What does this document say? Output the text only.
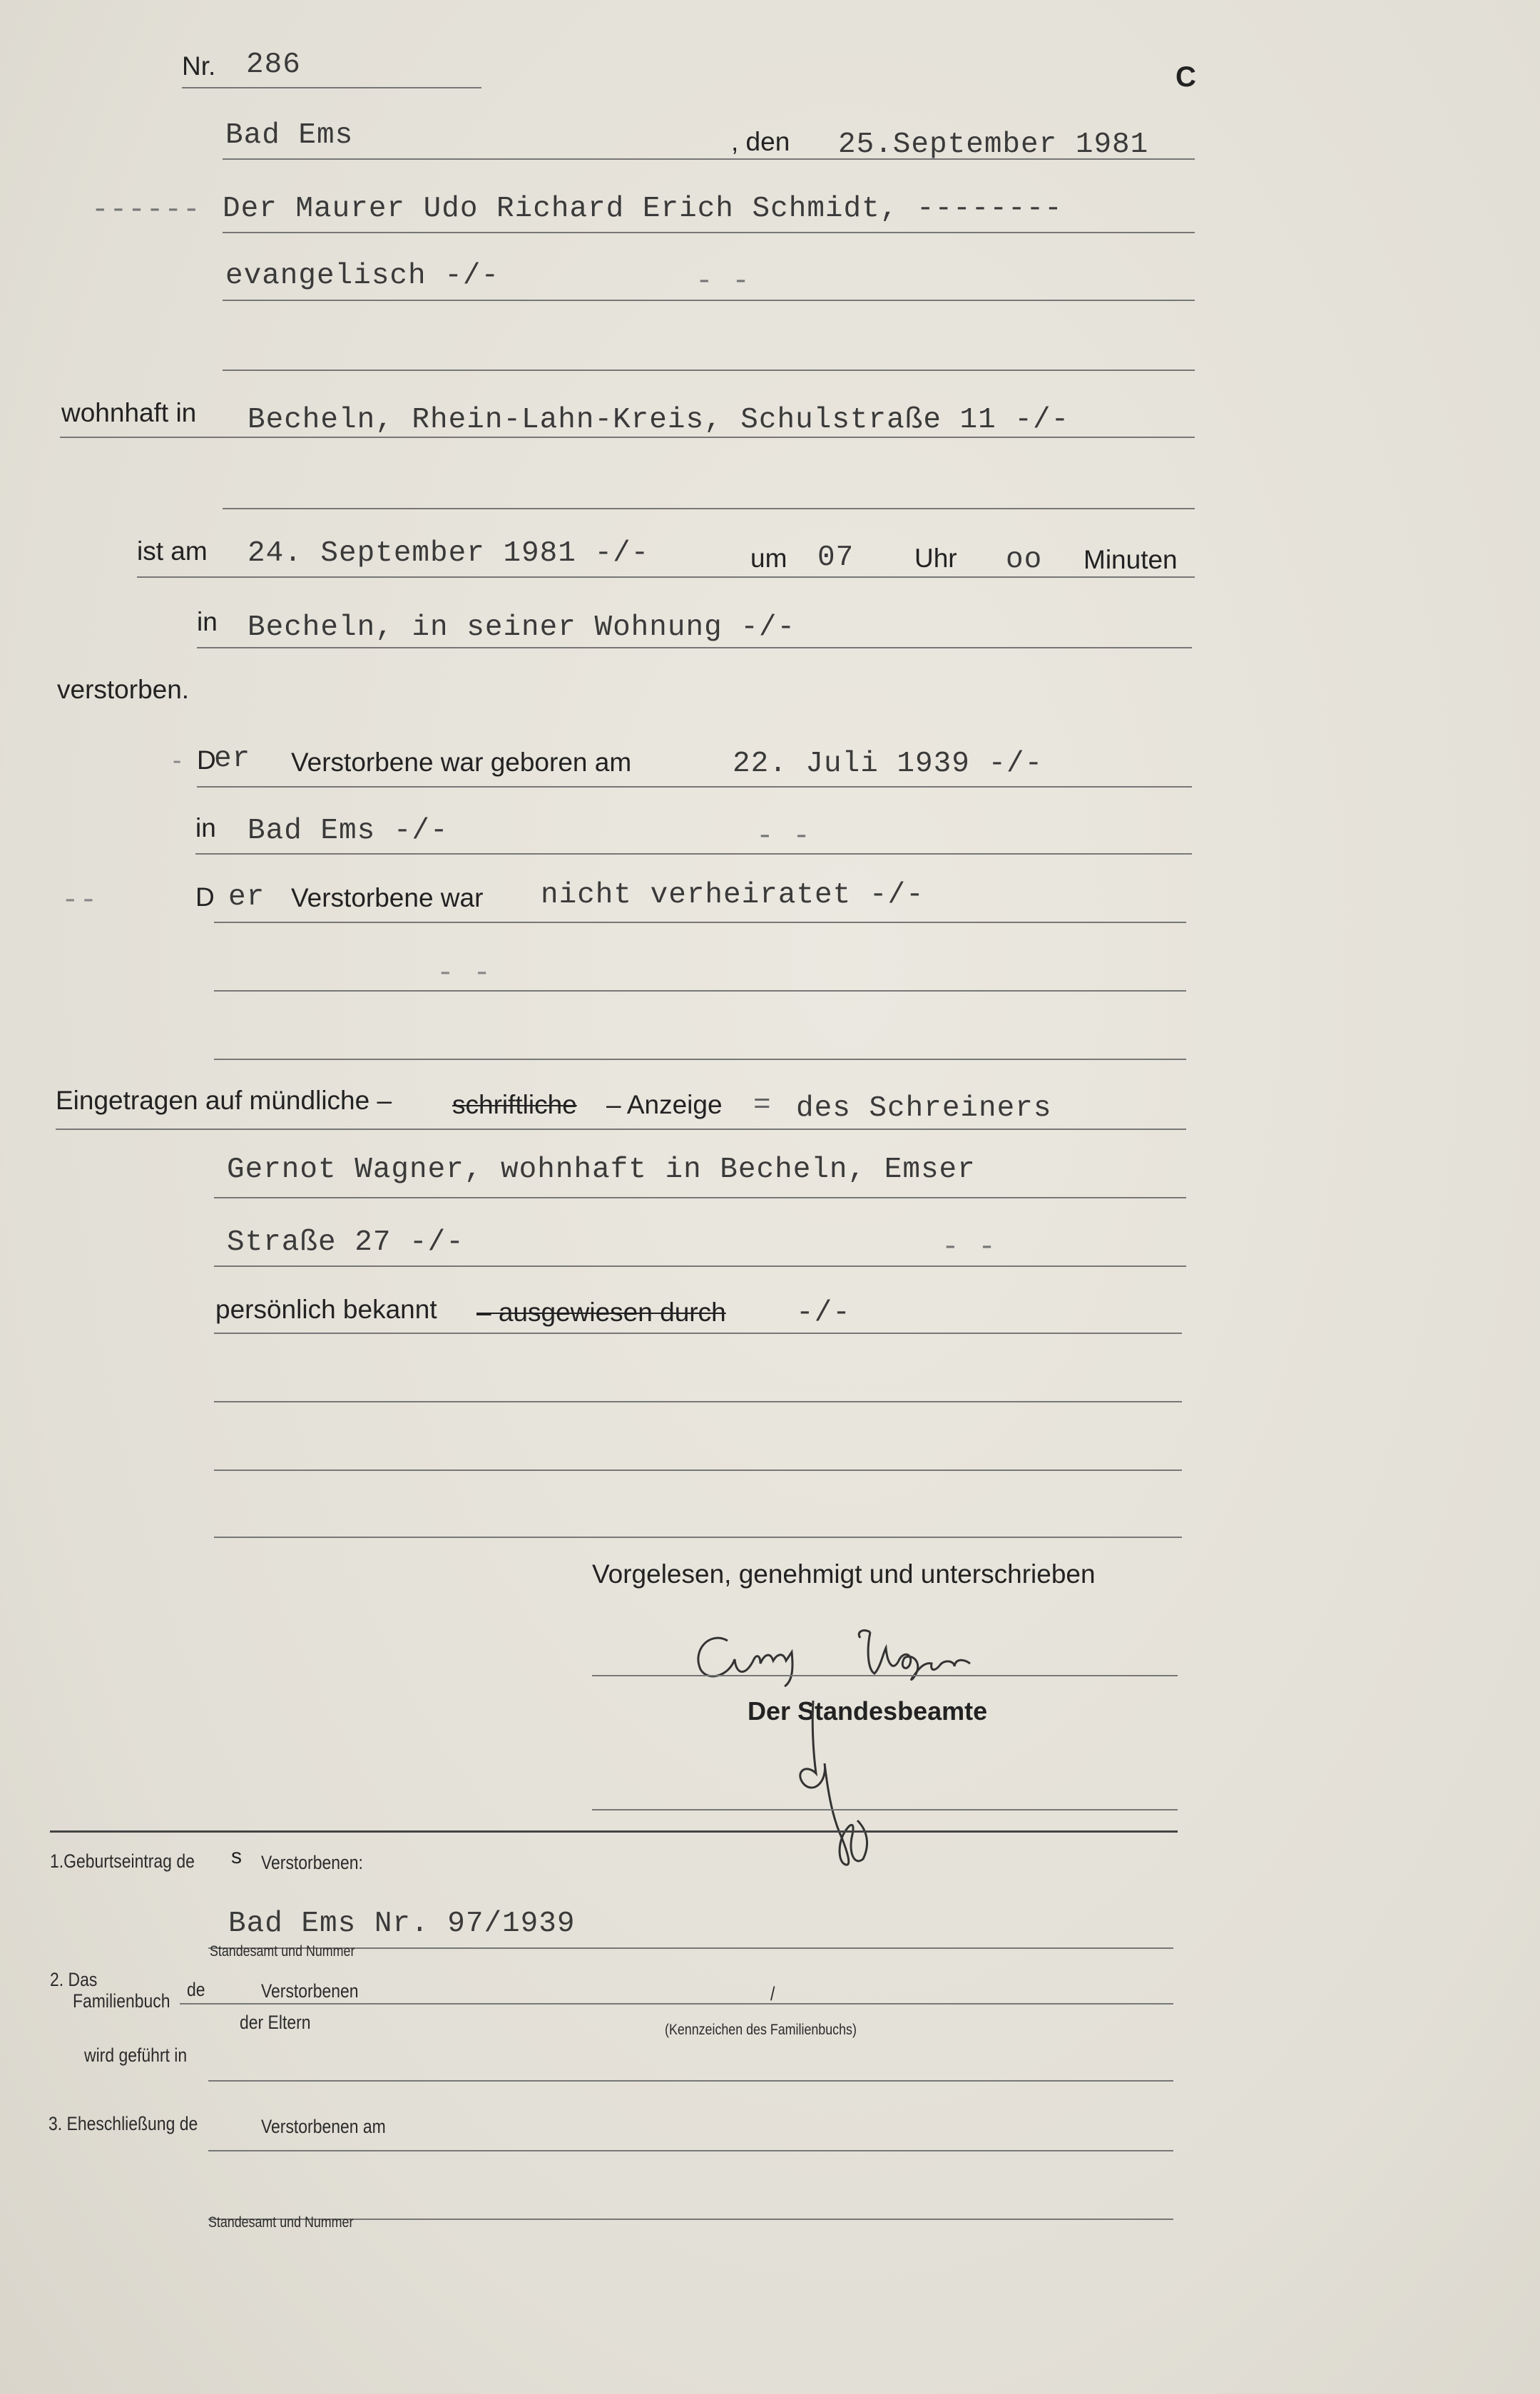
Nr. 286	C
Bad Ems	, den 25.September 1981
------ Der Maurer Udo Richard Erich Schmidt, --------
evangelisch -/-	- -
wohnhaft in Becheln, Rhein-Lahn-Kreis, Schulstraße 11 -/-
ist am 24. September 1981 -/-	um 07 Uhr oo Minuten
in Becheln, in seiner Wohnung -/-
verstorben.
- D
er Verstorbene war geboren am	22. Juli 1939 -/-
in Bad Ems -/-	- -
--	D er Verstorbene war nicht verheiratet -/-
- -
Eingetragen auf mündliche – schriftliche – Anzeige = des Schreiners
Gernot Wagner, wohnhaft in Becheln, Emser
Straße 27 -/-	- -
persönlich bekannt – ausgewiesen durch -/-
Vorgelesen, genehmigt und unterschrieben
Der Standesbeamte
1.Geburtseintrag de s Verstorbenen:
Bad Ems Nr. 97/1939
Standesamt und Nummer
2. Das
Familienbuch
de	Verstorbenen
der Eltern
/
(Kennzeichen des Familienbuchs)
wird geführt in
3. Eheschließung de	Verstorbenen am
Standesamt und Nummer
